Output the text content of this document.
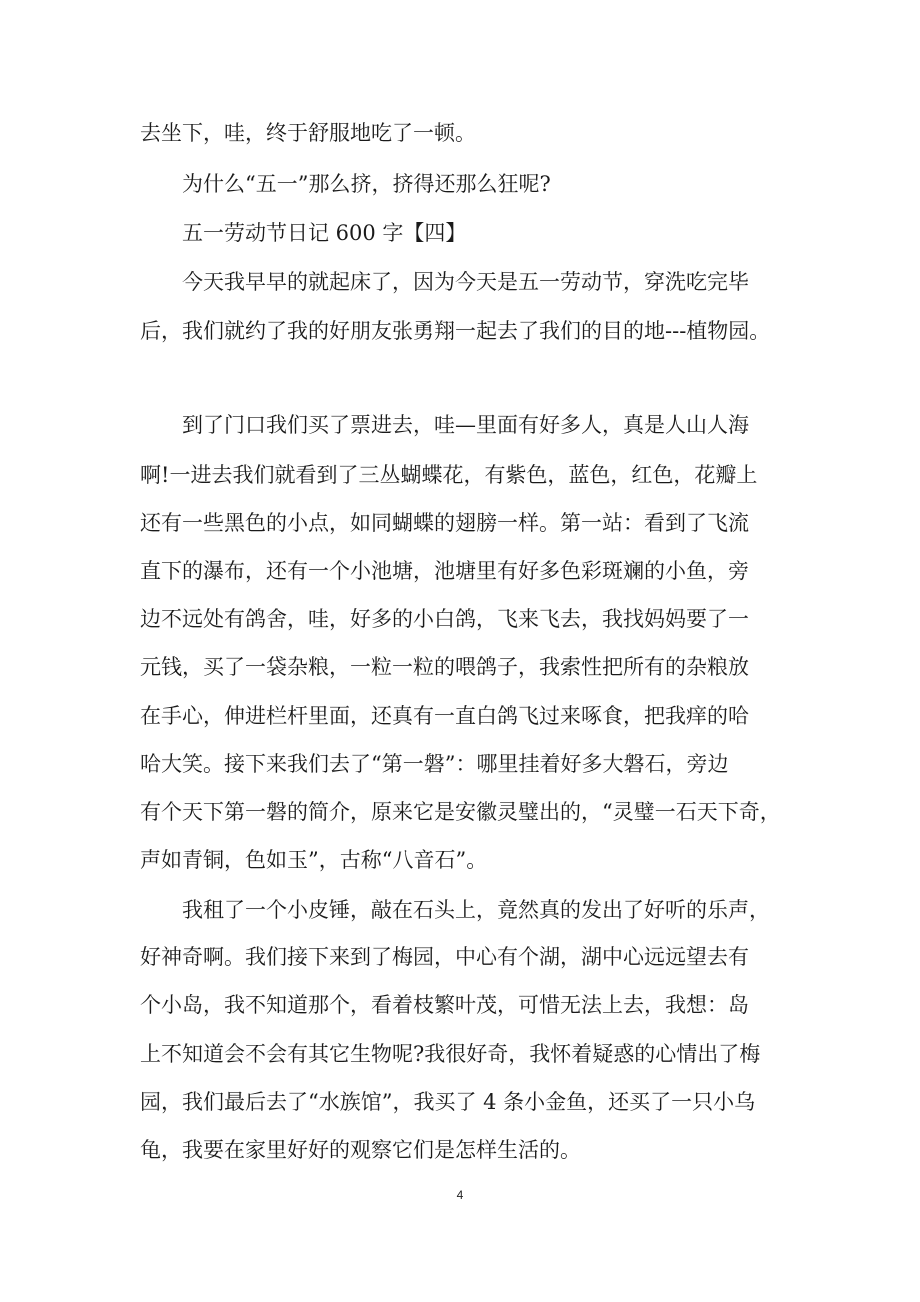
去坐下，哇，终于舒服地吃了一顿。
为什么“五一”那么挤，挤得还那么狂呢?
五一劳动节日记 600 字【四】
今天我早早的就起床了，因为今天是五一劳动节，穿洗吃完毕
后，我们就约了我的好朋友张勇翔一起去了我们的目的地---植物园。
到了门口我们买了票进去，哇—里面有好多人，真是人山人海
啊!一进去我们就看到了三丛蝴蝶花，有紫色，蓝色，红色，花瓣上
还有一些黑色的小点，如同蝴蝶的翅膀一样。第一站：看到了飞流
直下的瀑布，还有一个小池塘，池塘里有好多色彩斑斓的小鱼，旁
边不远处有鸽舍，哇，好多的小白鸽，飞来飞去，我找妈妈要了一
元钱，买了一袋杂粮，一粒一粒的喂鸽子，我索性把所有的杂粮放
在手心，伸进栏杆里面，还真有一直白鸽飞过来啄食，把我痒的哈
哈大笑。接下来我们去了“第一磐”：哪里挂着好多大磐石，旁边
有个天下第一磐的简介，原来它是安徽灵璧出的，“灵璧一石天下奇，
声如青铜，色如玉”，古称“八音石”。
我租了一个小皮锤，敲在石头上，竟然真的发出了好听的乐声，
好神奇啊。我们接下来到了梅园，中心有个湖，湖中心远远望去有
个小岛，我不知道那个，看着枝繁叶茂，可惜无法上去，我想：岛
上不知道会不会有其它生物呢?我很好奇，我怀着疑惑的心情出了梅
园，我们最后去了“水族馆”，我买了 4 条小金鱼，还买了一只小乌
龟，我要在家里好好的观察它们是怎样生活的。
4
